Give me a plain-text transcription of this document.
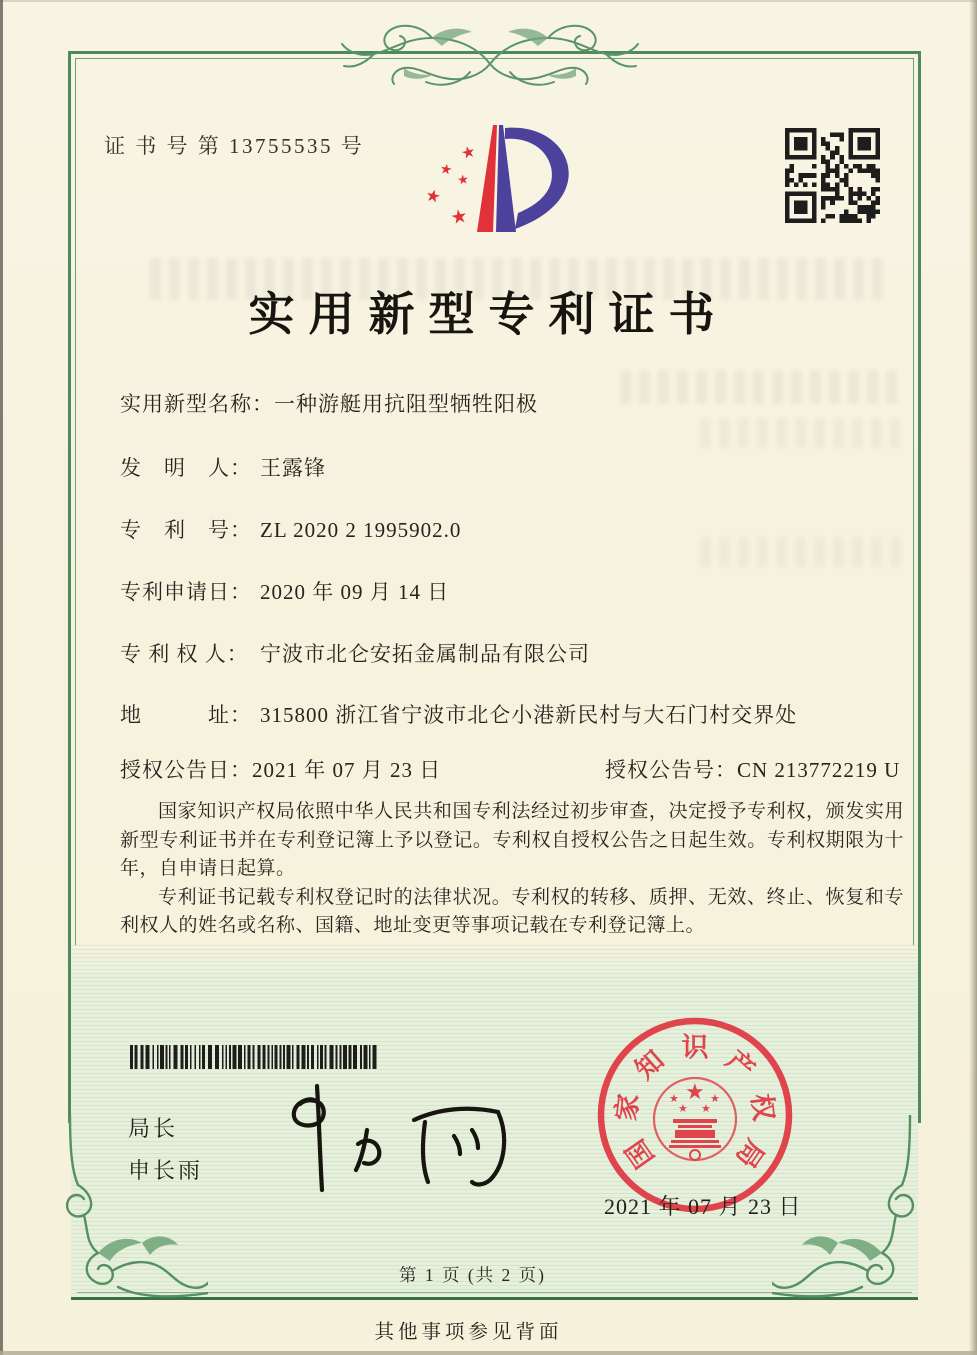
证 书 号 第 13755535 号	★
★
★
★
★
实用新型专利证书
实用新型名称：一种游艇用抗阻型牺牲阳极
发　明　人： 王露锋
专　利　号： ZL 2020 2 1995902.0
专利申请日： 2020 年 09 月 14 日
专 利 权 人： 宁波市北仑安拓金属制品有限公司
地　　　址： 315800 浙江省宁波市北仑小港新民村与大石门村交界处
授权公告日：2021 年 07 月 23 日	授权公告号：CN 213772219 U

国家知识产权局依照中华人民共和国专利法经过初步审查，决定授予专利权，颁发实用新型专利证书并在专利登记簿上予以登记。专利权自授权公告之日起生效。专利权期限为十年，自申请日起算。

专利证书记载专利权登记时的法律状况。专利权的转移、质押、无效、终止、恢复和专利权人的姓名或名称、国籍、地址变更等事项记载在专利登记簿上。

局长
申长雨
★
★	★
★ ★
国
家
知 识 产
权
局
2021 年 07 月 23 日
第 1 页 (共 2 页)
其他事项参见背面
